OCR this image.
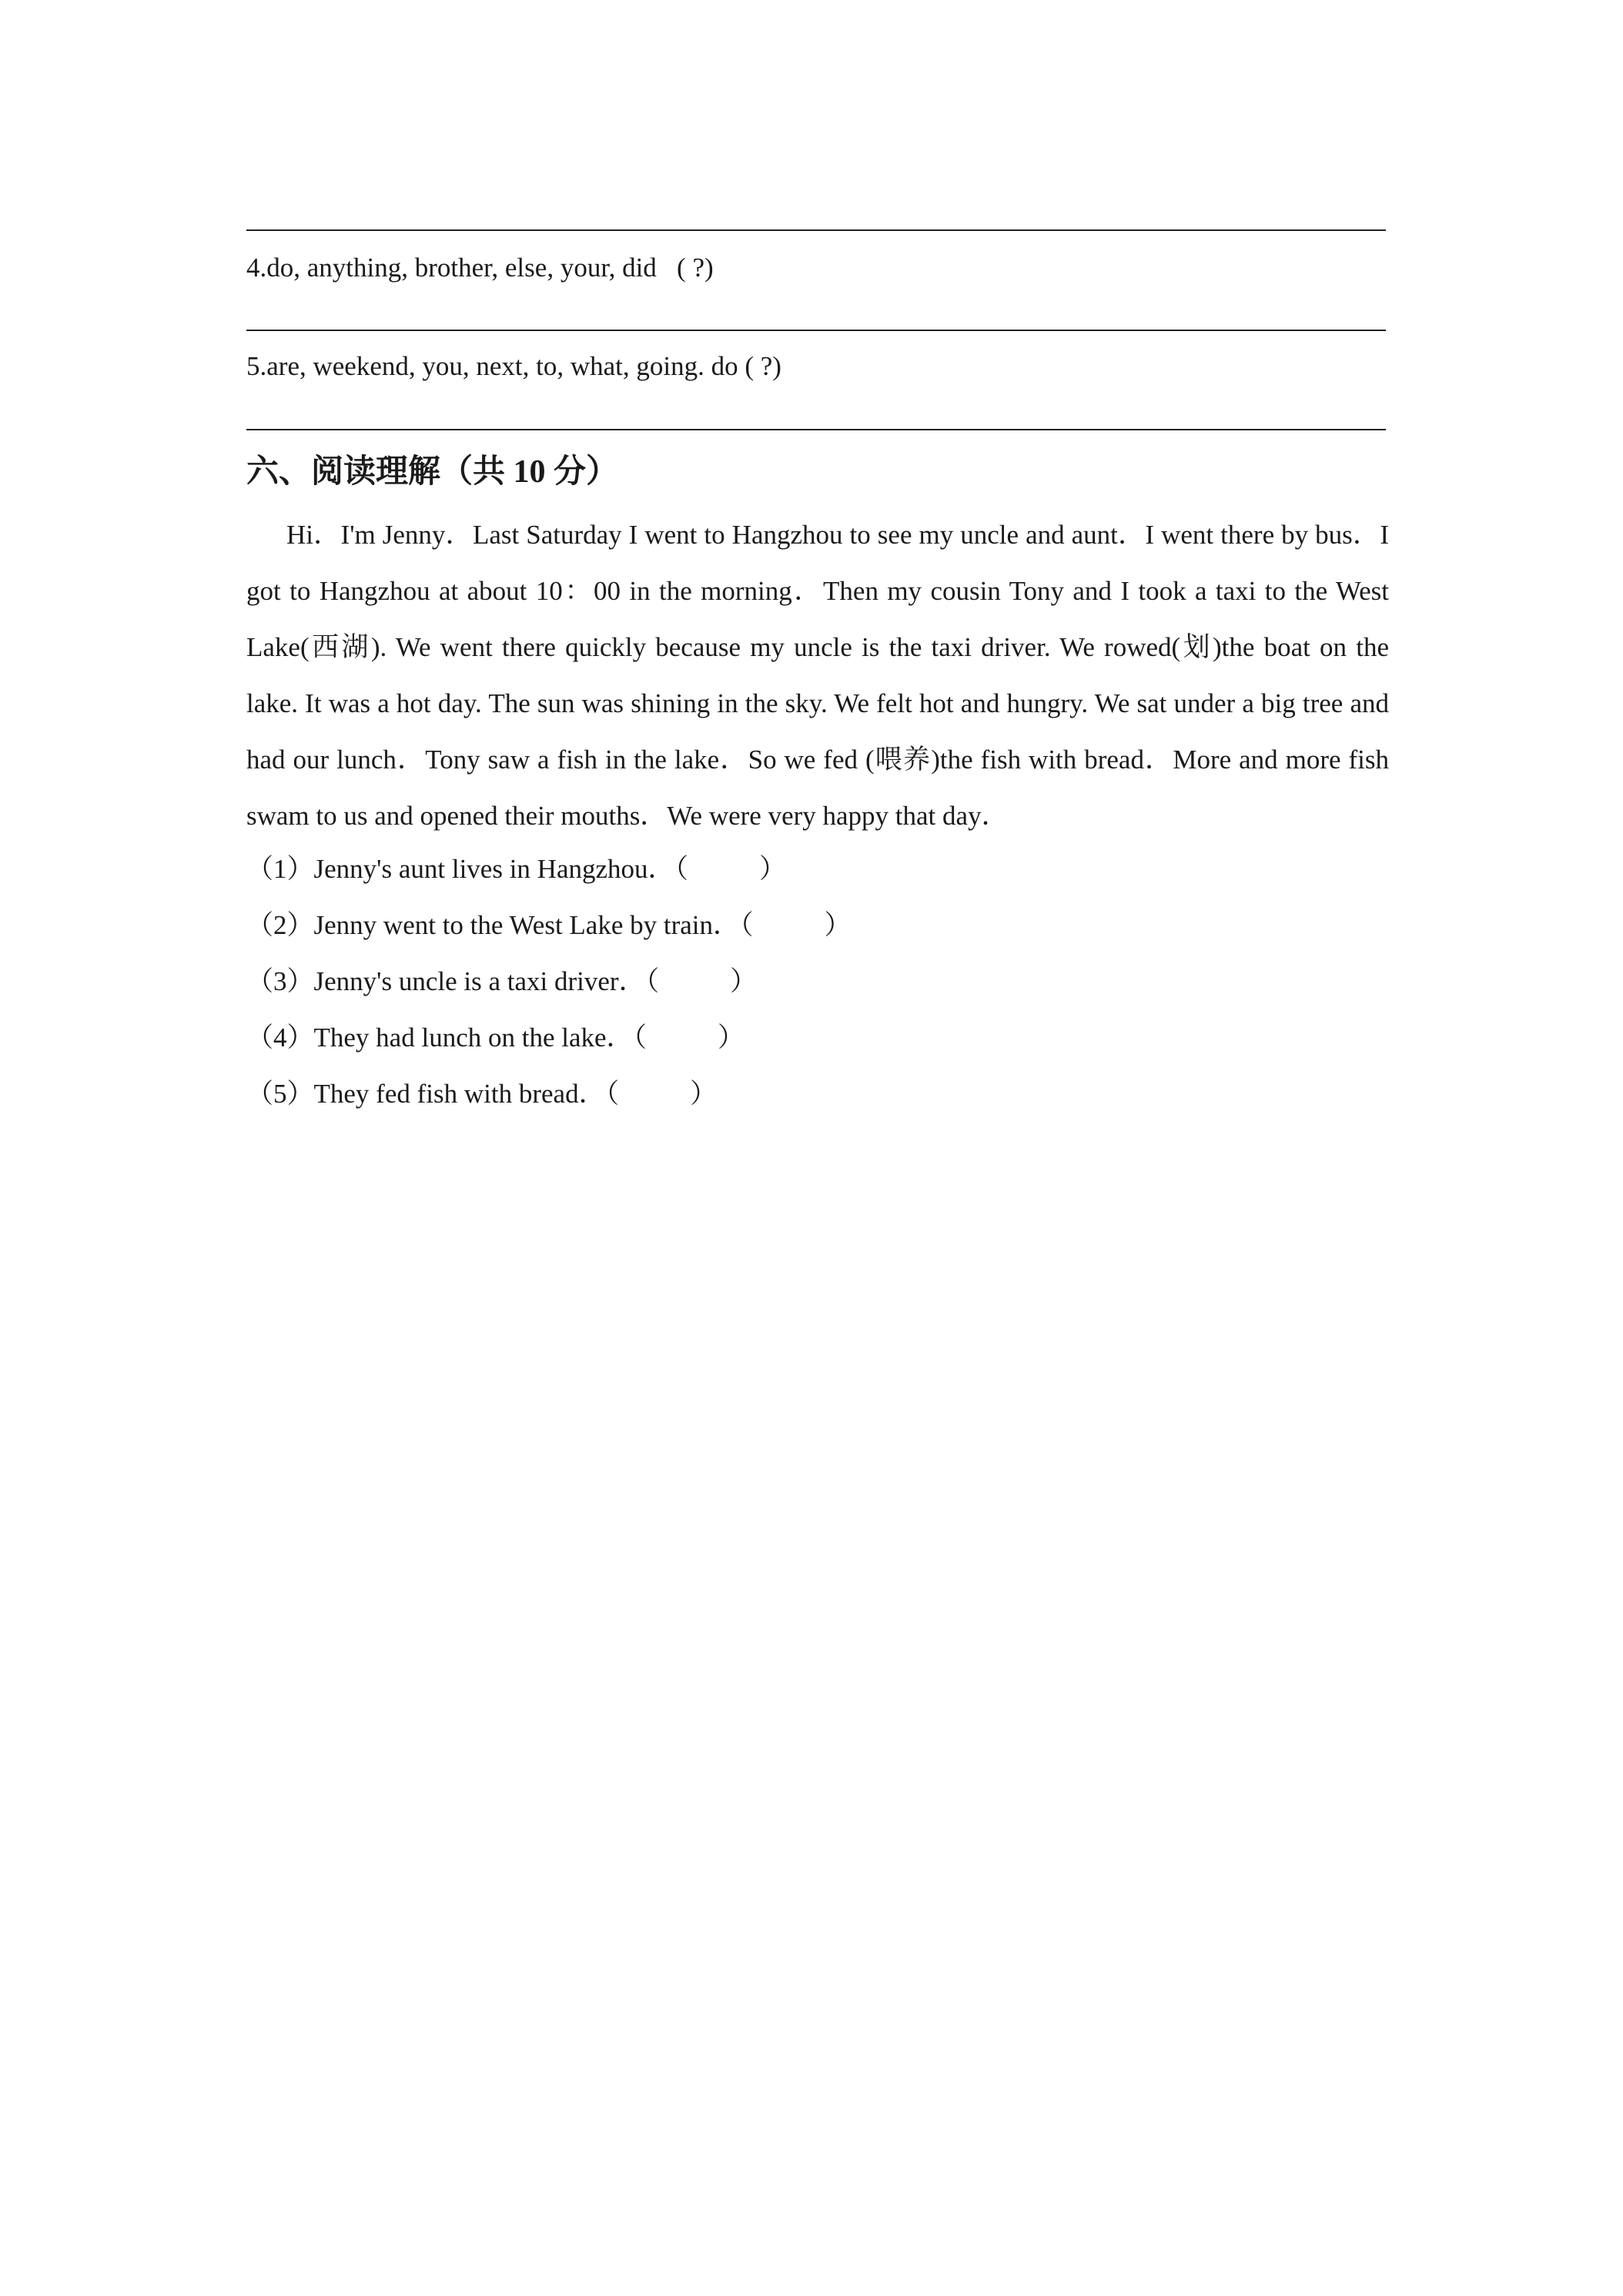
4.do, anything, brother, else, your, did   ( ?)
5.are, weekend, you, next, to, what, going. do ( ?)
六、阅读理解（共 10 分）
Hi．I'm Jenny．Last Saturday I went to Hangzhou to see my uncle and aunt．I went there by bus．I got to Hangzhou at about 10：00 in the morning．Then my cousin Tony and I took a taxi to the West Lake(西湖). We went there quickly because my uncle is the taxi driver. We rowed(划)the boat on the lake. It was a hot day. The sun was shining in the sky. We felt hot and hungry. We sat under a big tree and had our lunch．Tony saw a fish in the lake．So we fed (喂养)the fish with bread．More and more fish swam to us and opened their mouths．We were very happy that day．
（1）Jenny's aunt lives in Hangzhou．（	）
（2）Jenny went to the West Lake by train．（	）
（3）Jenny's uncle is a taxi driver．（	）
（4）They had lunch on the lake．（	）
（5）They fed fish with bread．（	）
